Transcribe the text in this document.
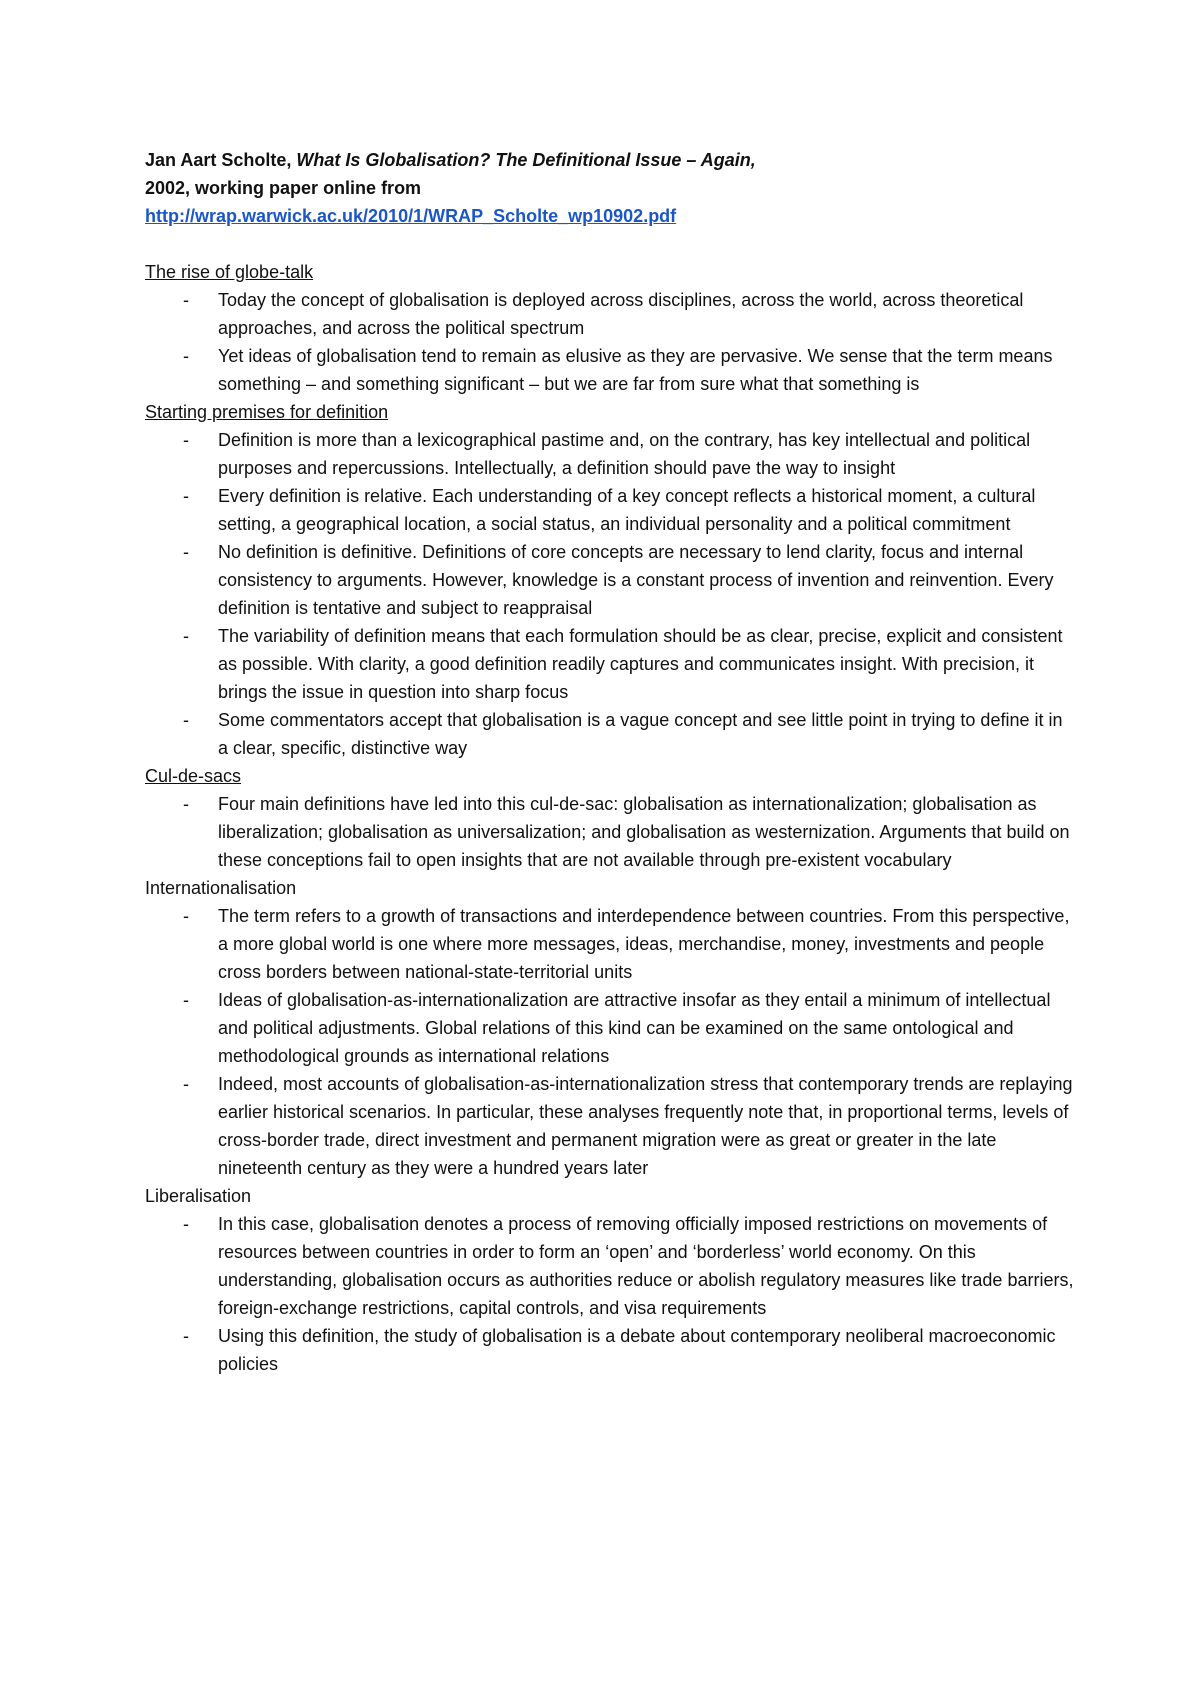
Jan Aart Scholte, What Is Globalisation? The Definitional Issue – Again,
2002, working paper online from
http://wrap.warwick.ac.uk/2010/1/WRAP_Scholte_wp10902.pdf

The rise of globe-talk
- Today the concept of globalisation is deployed across disciplines, across the world, across theoretical approaches, and across the political spectrum
- Yet ideas of globalisation tend to remain as elusive as they are pervasive. We sense that the term means something – and something significant – but we are far from sure what that something is
Starting premises for definition
- Definition is more than a lexicographical pastime and, on the contrary, has key intellectual and political purposes and repercussions. Intellectually, a definition should pave the way to insight
- Every definition is relative. Each understanding of a key concept reflects a historical moment, a cultural setting, a geographical location, a social status, an individual personality and a political commitment
- No definition is definitive. Definitions of core concepts are necessary to lend clarity, focus and internal consistency to arguments. However, knowledge is a constant process of invention and reinvention. Every definition is tentative and subject to reappraisal
- The variability of definition means that each formulation should be as clear, precise, explicit and consistent as possible. With clarity, a good definition readily captures and communicates insight. With precision, it brings the issue in question into sharp focus
- Some commentators accept that globalisation is a vague concept and see little point in trying to define it in a clear, specific, distinctive way
Cul-de-sacs
- Four main definitions have led into this cul-de-sac: globalisation as internationalization; globalisation as liberalization; globalisation as universalization; and globalisation as westernization. Arguments that build on these conceptions fail to open insights that are not available through pre-existent vocabulary
Internationalisation
- The term refers to a growth of transactions and interdependence between countries. From this perspective, a more global world is one where more messages, ideas, merchandise, money, investments and people cross borders between national-state-territorial units
- Ideas of globalisation-as-internationalization are attractive insofar as they entail a minimum of intellectual and political adjustments. Global relations of this kind can be examined on the same ontological and methodological grounds as international relations
- Indeed, most accounts of globalisation-as-internationalization stress that contemporary trends are replaying earlier historical scenarios. In particular, these analyses frequently note that, in proportional terms, levels of cross-border trade, direct investment and permanent migration were as great or greater in the late nineteenth century as they were a hundred years later
Liberalisation
- In this case, globalisation denotes a process of removing officially imposed restrictions on movements of resources between countries in order to form an ‘open’ and ‘borderless’ world economy. On this understanding, globalisation occurs as authorities reduce or abolish regulatory measures like trade barriers, foreign-exchange restrictions, capital controls, and visa requirements
- Using this definition, the study of globalisation is a debate about contemporary neoliberal macroeconomic policies
